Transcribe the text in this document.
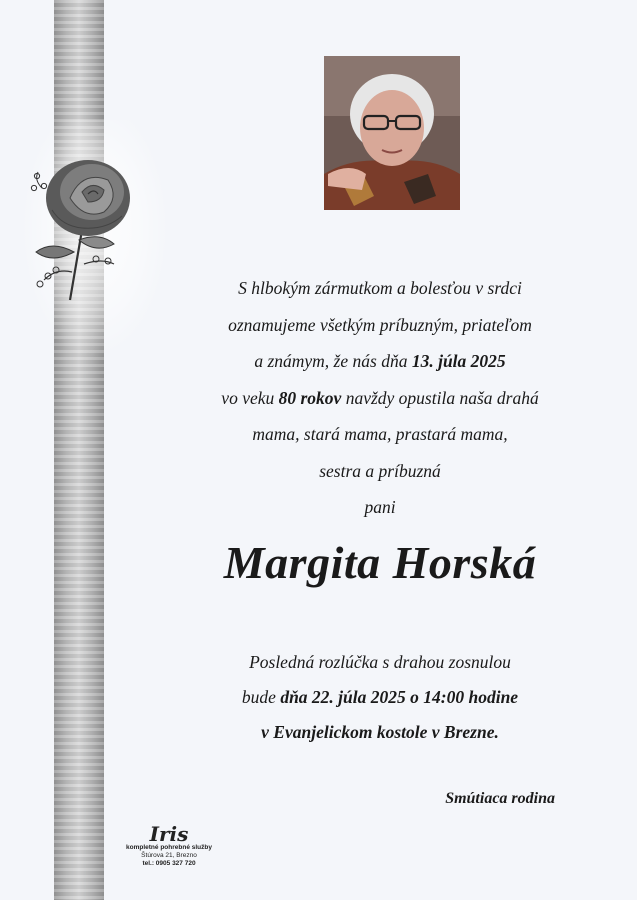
S hlbokým zármutkom a bolesťou v srdci
oznamujeme všetkým príbuzným, priateľom
a známym, že nás dňa 13. júla 2025
vo veku 80 rokov navždy opustila naša drahá
mama, stará mama, prastará mama,
sestra a príbuzná
pani
Margita Horská
Posledná rozlúčka s drahou zosnulou
bude dňa 22. júla 2025 o 14:00 hodine
v Evanjelickom kostole v Brezne.
Smútiaca rodina
Iris
kompletné pohrebné služby
Štúrova 21, Brezno
tel.: 0905 327 720
